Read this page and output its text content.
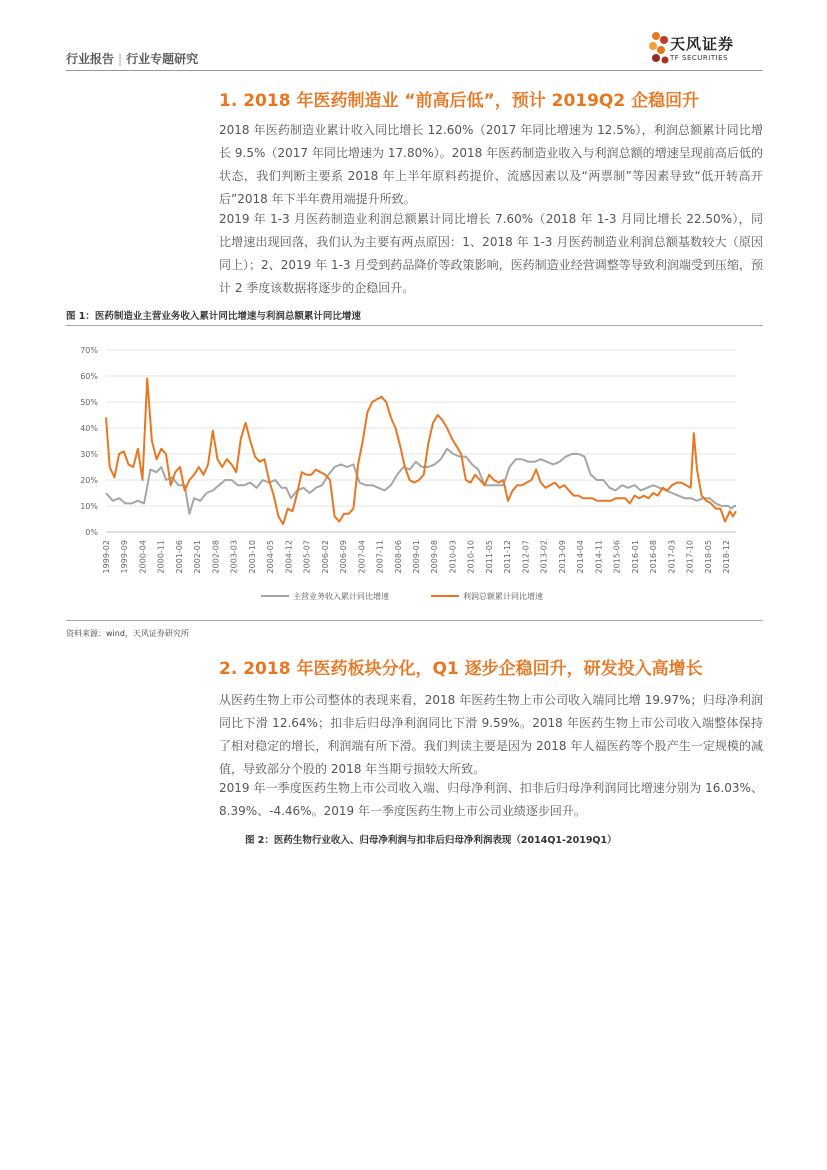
行业报告 | 行业专题研究
天风证券
TF SECURITIES
1. 2018 年医药制造业 “前高后低”，预计 2019Q2 企稳回升
2018 年医药制造业累计收入同比增长 12.60%（2017 年同比增速为 12.5%），利润总额累计同比增长 9.5%（2017 年同比增速为 17.80%）。2018 年医药制造业收入与利润总额的增速呈现前高后低的状态，我们判断主要系 2018 年上半年原料药提价、流感因素以及“两票制”等因素导致“低开转高开后”2018 年下半年费用端提升所致。
2019 年 1-3 月医药制造业利润总额累计同比增长 7.60%（2018 年 1-3 月同比增长 22.50%），同比增速出现回落，我们认为主要有两点原因：1、2018 年 1-3 月医药制造业利润总额基数较大（原因同上）；2、2019 年 1-3 月受到药品降价等政策影响，医药制造业经营调整等导致利润端受到压缩，预计 2 季度该数据将逐步的企稳回升。
图 1：医药制造业主营业务收入累计同比增速与利润总额累计同比增速
0%
10%
20%
30%
40%
50%
60%
70%
1999-02 1999-09 2000-04 2000-11 2001-06 2002-01 2002-08 2003-03 2003-10 2004-05 2004-12 2005-07 2006-02 2006-09 2007-04 2007-11 2008-06 2009-01 2009-08 2010-03 2010-10 2011-05 2011-12 2012-07 2013-02 2013-09 2014-04 2014-11 2015-06 2016-01 2016-08 2017-03 2017-10 2018-05 2018-12
主营业务收入累计同比增速	利润总额累计同比增速
资料来源：wind，天风证券研究所
2. 2018 年医药板块分化，Q1 逐步企稳回升，研发投入高增长
从医药生物上市公司整体的表现来看，2018 年医药生物上市公司收入端同比增 19.97%；归母净利润同比下滑 12.64%；扣非后归母净利润同比下滑 9.59%。2018 年医药生物上市公司收入端整体保持了相对稳定的增长，利润端有所下滑。我们判读主要是因为 2018 年人福医药等个股产生一定规模的减值，导致部分个股的 2018 年当期亏损较大所致。
2019 年一季度医药生物上市公司收入端、归母净利润、扣非后归母净利润同比增速分别为 16.03%、8.39%、-4.46%。2019 年一季度医药生物上市公司业绩逐步回升。
图 2：医药生物行业收入、归母净利润与扣非后归母净利润表现（2014Q1-2019Q1）
